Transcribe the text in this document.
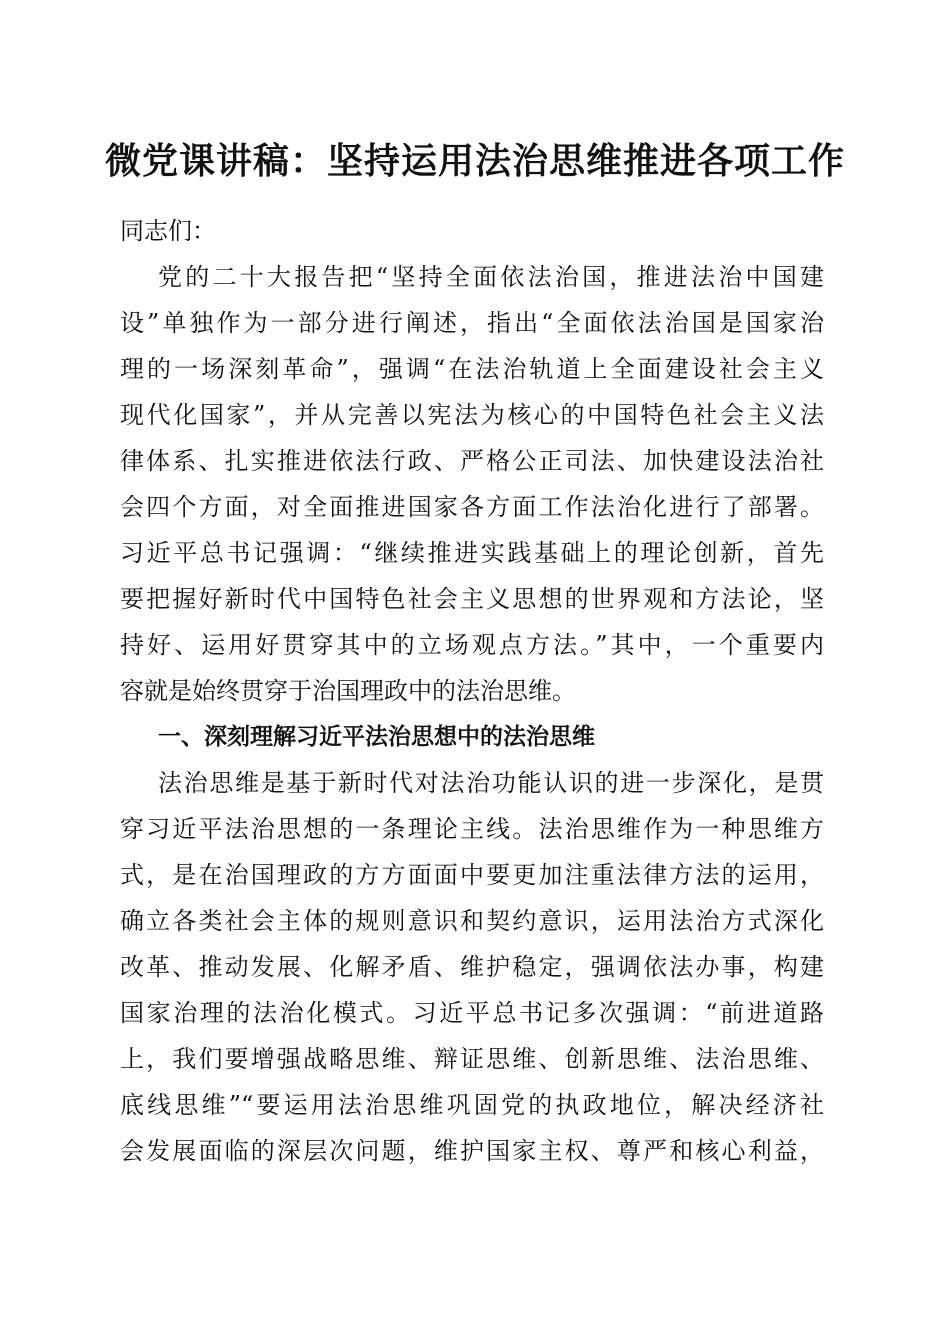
微党课讲稿：坚持运用法治思维推进各项工作

同志们：

党的二十大报告把“坚持全面依法治国，推进法治中国建

设”单独作为一部分进行阐述，指出“全面依法治国是国家治

理的一场深刻革命”，强调“在法治轨道上全面建设社会主义

现代化国家”，并从完善以宪法为核心的中国特色社会主义法

律体系、扎实推进依法行政、严格公正司法、加快建设法治社

会四个方面，对全面推进国家各方面工作法治化进行了部署。

习近平总书记强调：“继续推进实践基础上的理论创新，首先

要把握好新时代中国特色社会主义思想的世界观和方法论，坚

持好、运用好贯穿其中的立场观点方法。”其中，一个重要内

容就是始终贯穿于治国理政中的法治思维。

一、深刻理解习近平法治思想中的法治思维

法治思维是基于新时代对法治功能认识的进一步深化，是贯

穿习近平法治思想的一条理论主线。法治思维作为一种思维方

式，是在治国理政的方方面面中要更加注重法律方法的运用，

确立各类社会主体的规则意识和契约意识，运用法治方式深化

改革、推动发展、化解矛盾、维护稳定，强调依法办事，构建

国家治理的法治化模式。习近平总书记多次强调：“前进道路

上，我们要增强战略思维、辩证思维、创新思维、法治思维、

底线思维”“要运用法治思维巩固党的执政地位，解决经济社

会发展面临的深层次问题，维护国家主权、尊严和核心利益，
